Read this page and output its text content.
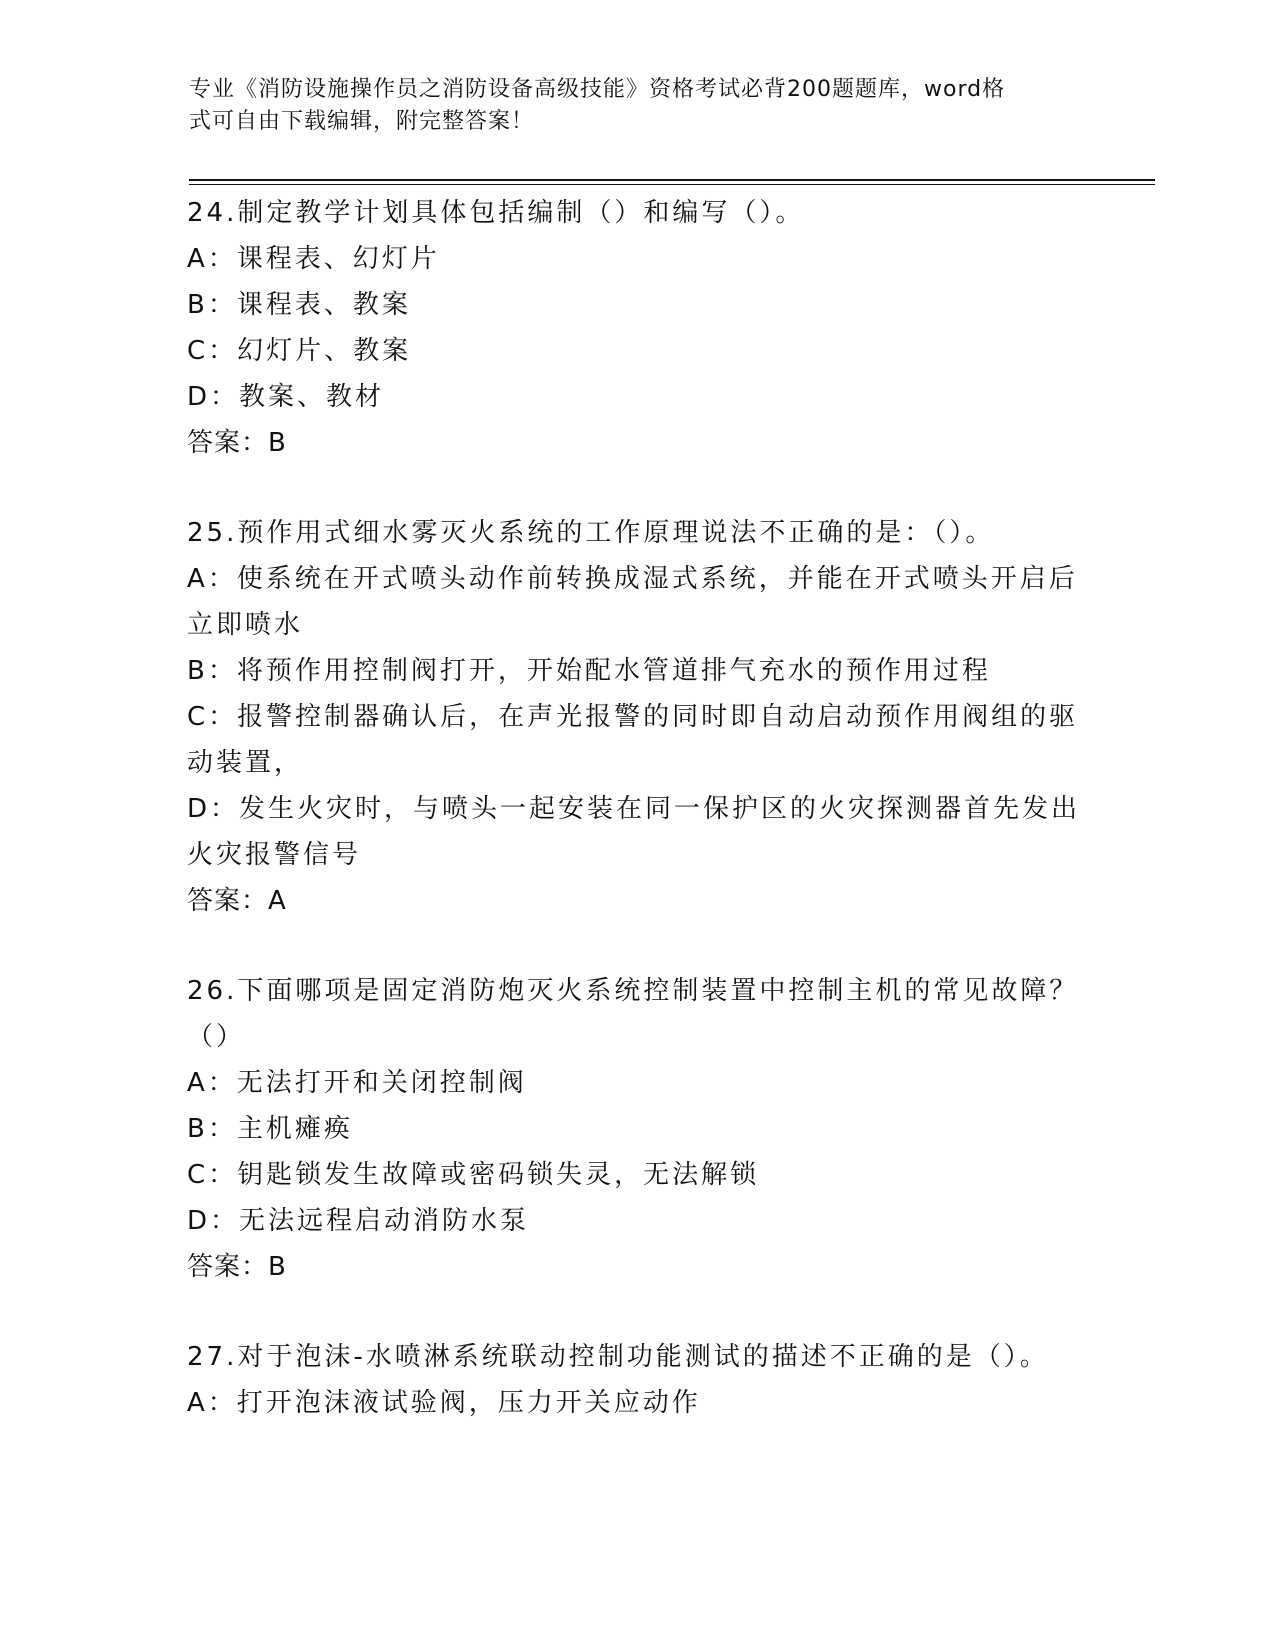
专业《消防设施操作员之消防设备高级技能》资格考试必背200题题库，word格
式可自由下载编辑，附完整答案！
24.制定教学计划具体包括编制（）和编写（）。
A：课程表、幻灯片
B：课程表、教案
C：幻灯片、教案
D：教案、教材
答案：B
25.预作用式细水雾灭火系统的工作原理说法不正确的是：（）。
A：使系统在开式喷头动作前转换成湿式系统，并能在开式喷头开启后
立即喷水
B：将预作用控制阀打开，开始配水管道排气充水的预作用过程
C：报警控制器确认后，在声光报警的同时即自动启动预作用阀组的驱
动装置，
D：发生火灾时，与喷头一起安装在同一保护区的火灾探测器首先发出
火灾报警信号
答案：A
26.下面哪项是固定消防炮灭火系统控制装置中控制主机的常见故障？
（）
A：无法打开和关闭控制阀
B：主机瘫痪
C：钥匙锁发生故障或密码锁失灵，无法解锁
D：无法远程启动消防水泵
答案：B
27.对于泡沫-水喷淋系统联动控制功能测试的描述不正确的是（）。
A：打开泡沫液试验阀，压力开关应动作
